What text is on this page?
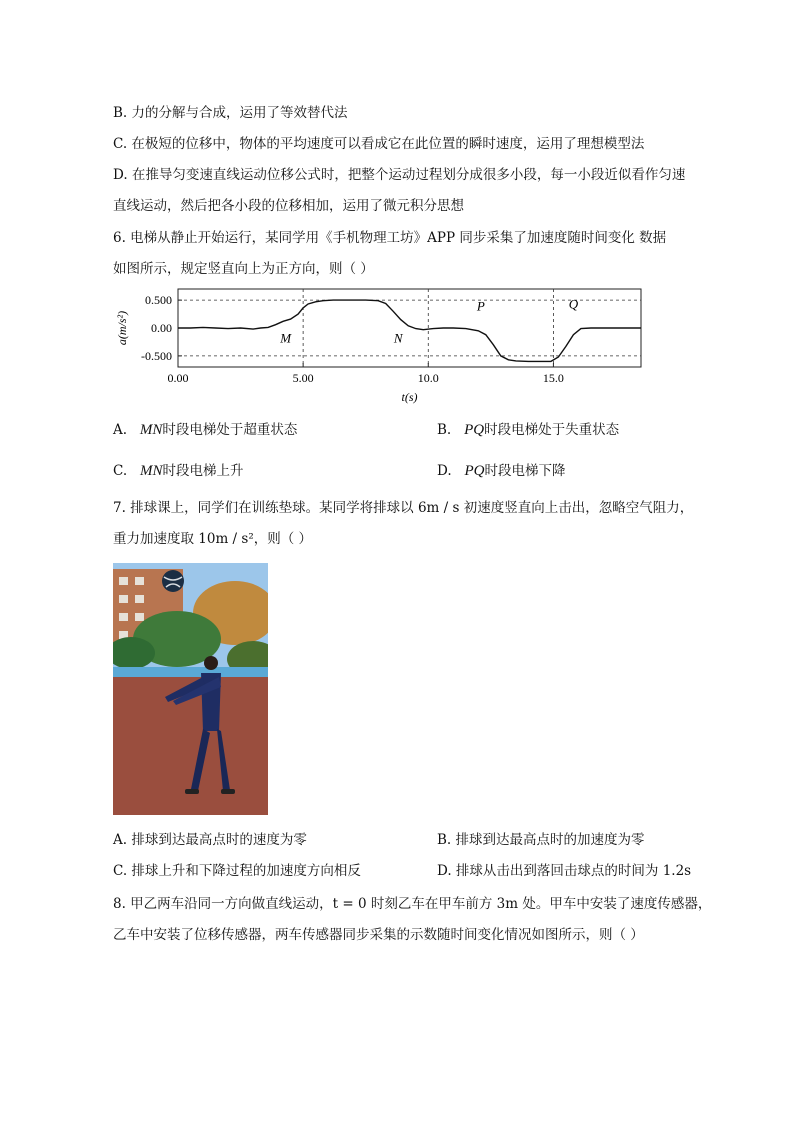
B. 力的分解与合成，运用了等效替代法
C. 在极短的位移中，物体的平均速度可以看成它在此位置的瞬时速度，运用了理想模型法
D. 在推导匀变速直线运动位移公式时，把整个运动过程划分成很多小段，每一小段近似看作匀速
直线运动，然后把各小段的位移相加，运用了微元积分思想
6. 电梯从静止开始运行，某同学用《手机物理工坊》APP 同步采集了加速度随时间变化 数据
如图所示，规定竖直向上为正方向，则（ ）
0.00	5.00	10.0	15.0
0.500
0.00
-0.500
M	N
P	Q
t(s)
a(m/s²)
A. MN时段电梯处于超重状态	B. PQ时段电梯处于失重状态
C. MN时段电梯上升	D. PQ时段电梯下降
7. 排球课上，同学们在训练垫球。某同学将排球以 6m / s 初速度竖直向上击出，忽略空气阻力，
重力加速度取 10m / s²，则（ ）
A. 排球到达最高点时的速度为零	B. 排球到达最高点时的加速度为零
C. 排球上升和下降过程的加速度方向相反	D. 排球从击出到落回击球点的时间为 1.2s
8. 甲乙两车沿同一方向做直线运动，t = 0 时刻乙车在甲车前方 3m 处。甲车中安装了速度传感器，
乙车中安装了位移传感器，两车传感器同步采集的示数随时间变化情况如图所示，则（ ）
